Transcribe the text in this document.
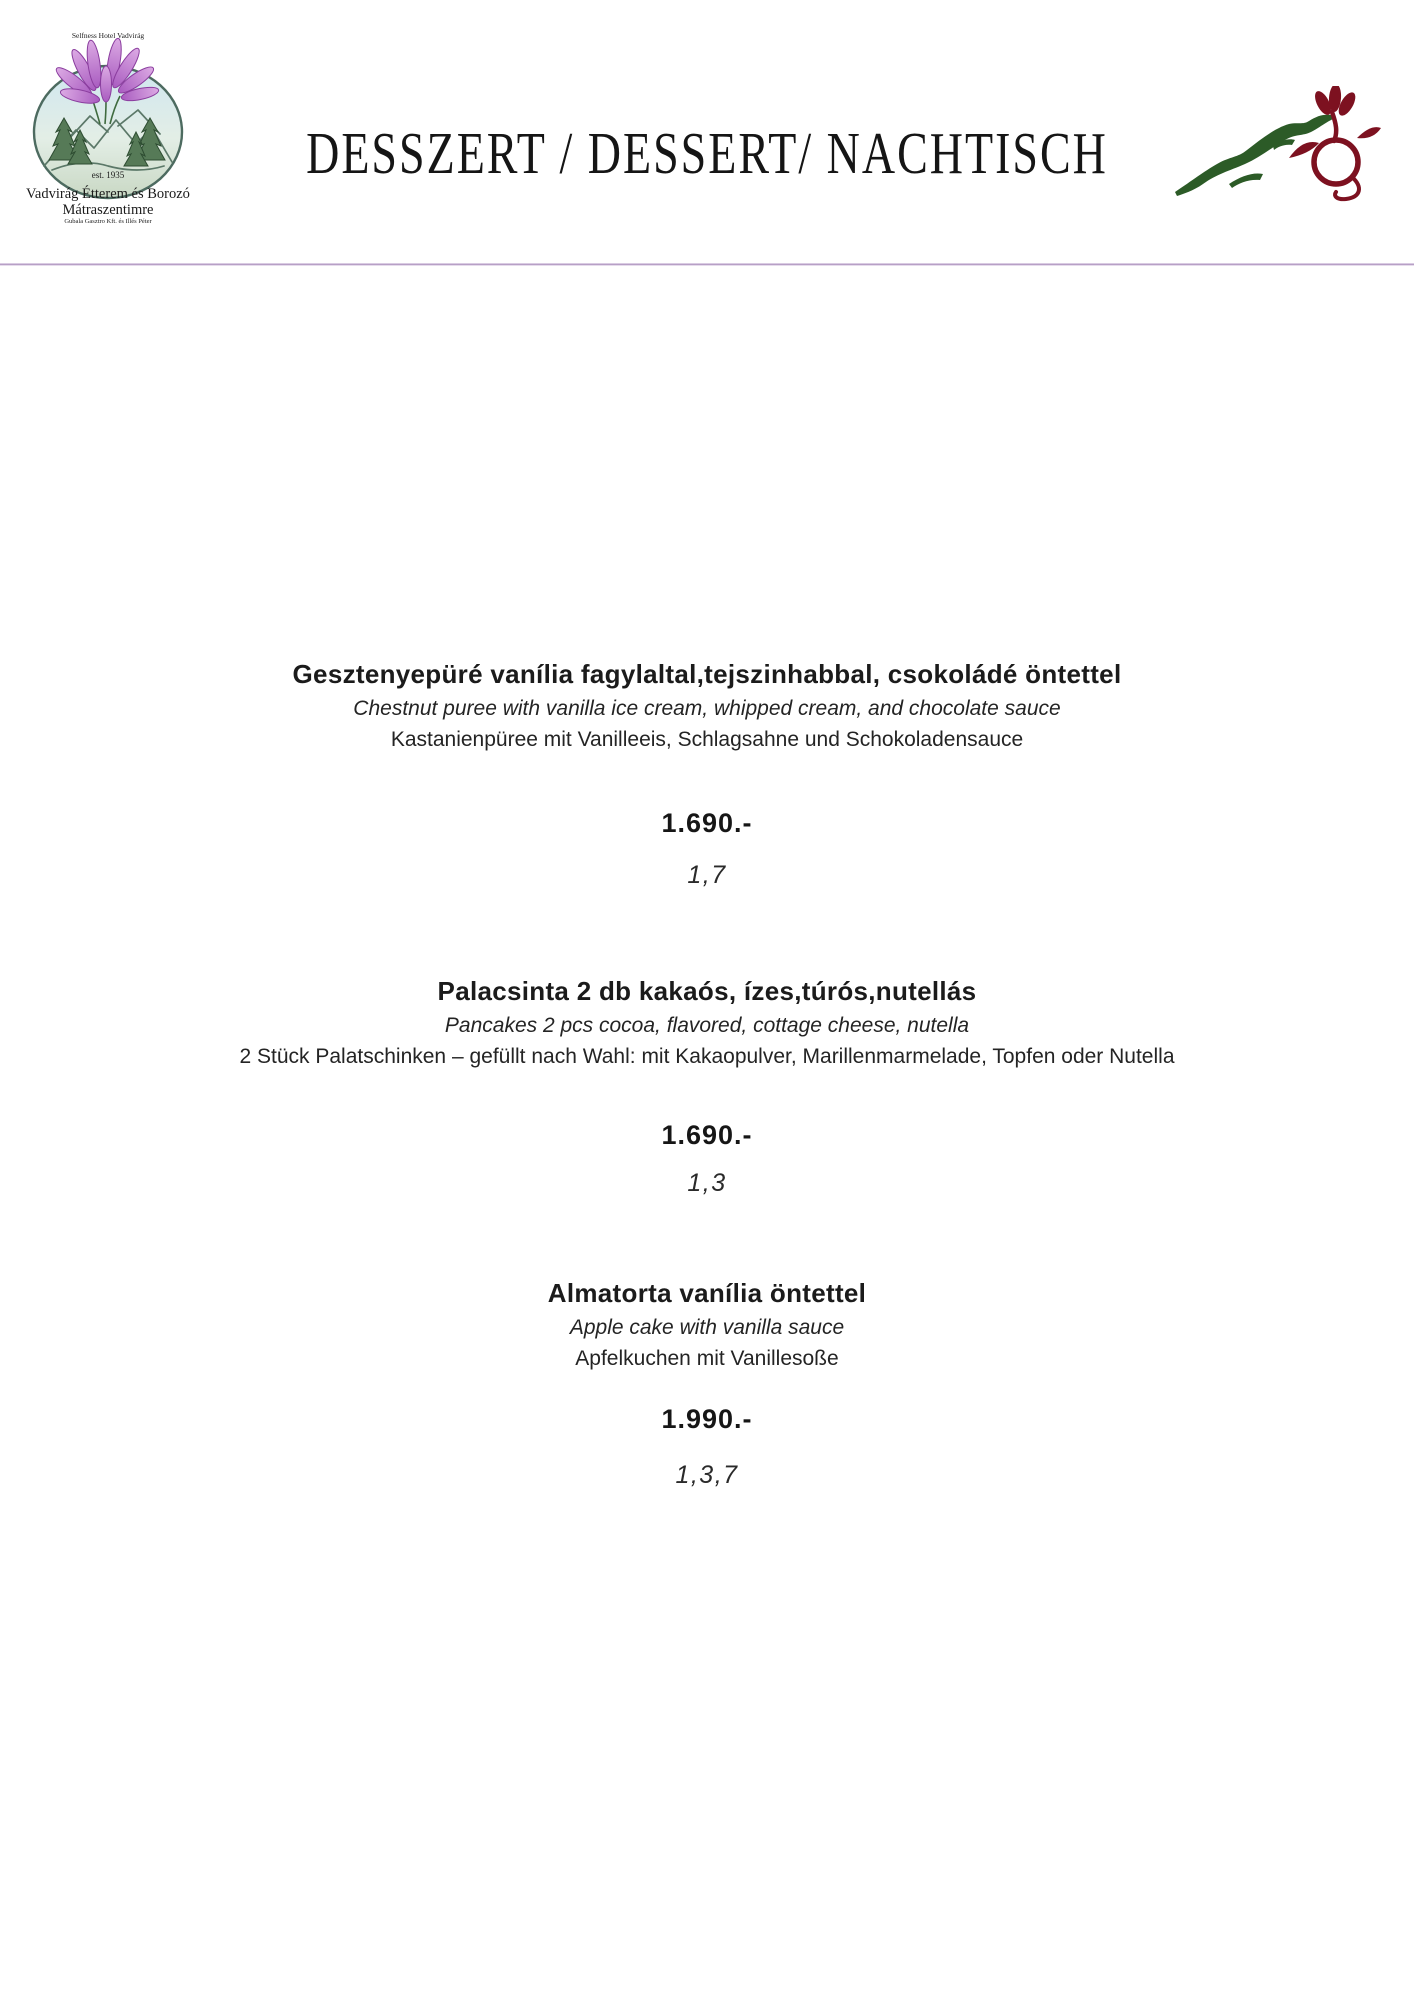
Selfness Hotel Vadvirág
est. 1935
Vadvirág Étterem és Borozó
Mátraszentimre
Gubala Gasztro Kft. és Illés Péter
DESSZERT / DESSERT/ NACHTISCH
Gesztenyepüré vanília fagylaltal,tejszinhabbal, csokoládé öntettel
Chestnut puree with vanilla ice cream, whipped cream, and chocolate sauce
Kastanienpüree mit Vanilleeis, Schlagsahne und Schokoladensauce
1.690.-
1,7
Palacsinta 2 db kakaós, ízes,túrós,nutellás
Pancakes 2 pcs cocoa, flavored, cottage cheese, nutella
2 Stück Palatschinken – gefüllt nach Wahl: mit Kakaopulver, Marillenmarmelade, Topfen oder Nutella
1.690.-
1,3
Almatorta vanília öntettel
Apple cake with vanilla sauce
Apfelkuchen mit Vanillesoße
1.990.-
1,3,7
